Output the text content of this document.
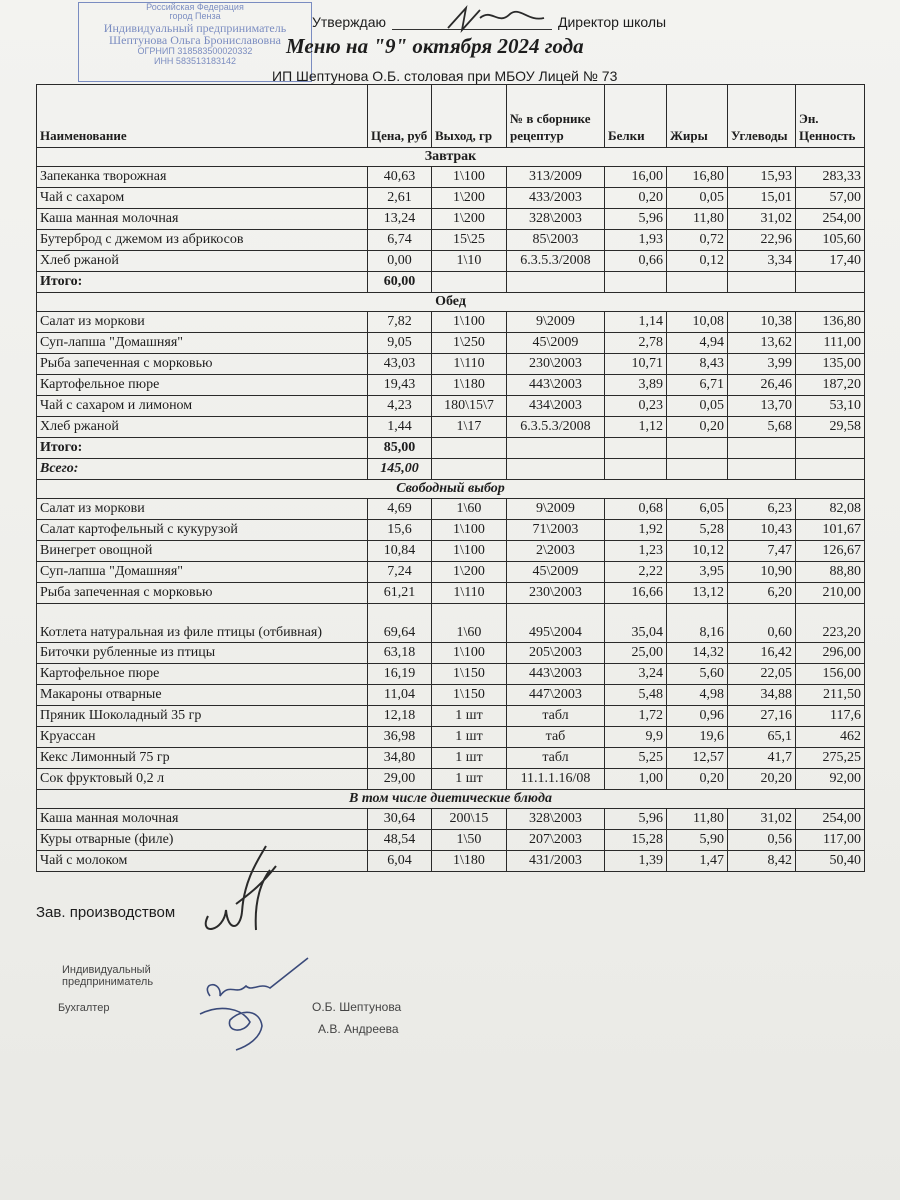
Российская Федерация
город Пенза
Индивидуальный предприниматель
Шептунова Ольга Брониславовна
ОГРНИП 318583500020332
ИНН 583513183142
Утверждаю	Директор школы
Меню на "9" октября 2024 года
ИП Шептунова О.Б. столовая при МБОУ Лицей № 73
Наименование	Цена, руб	Выход, гр	№ в сборнике рецептур	Белки	Жиры	Углеводы	Эн. Ценность
Завтрак							
Запеканка творожная	40,63	1\100	313/2009	16,00	16,80	15,93	283,33
Чай с сахаром	2,61	1\200	433/2003	0,20	0,05	15,01	57,00
Каша манная молочная	13,24	1\200	328\2003	5,96	11,80	31,02	254,00
Бутерброд с джемом из абрикосов	6,74	15\25	85\2003	1,93	0,72	22,96	105,60
Хлеб ржаной	0,00	1\10	6.3.5.3/2008	0,66	0,12	3,34	17,40
Итого:	60,00						
Обед							
Салат из моркови	7,82	1\100	9\2009	1,14	10,08	10,38	136,80
Суп-лапша "Домашняя"	9,05	1\250	45\2009	2,78	4,94	13,62	111,00
Рыба запеченная с морковью	43,03	1\110	230\2003	10,71	8,43	3,99	135,00
Картофельное пюре	19,43	1\180	443\2003	3,89	6,71	26,46	187,20
Чай с сахаром и лимоном	4,23	180\15\7	434\2003	0,23	0,05	13,70	53,10
Хлеб ржаной	1,44	1\17	6.3.5.3/2008	1,12	0,20	5,68	29,58
Итого:	85,00						
Всего:	145,00						
Свободный выбор							
Салат из моркови	4,69	1\60	9\2009	0,68	6,05	6,23	82,08
Салат картофельный с кукурузой	15,6	1\100	71\2003	1,92	5,28	10,43	101,67
Винегрет овощной	10,84	1\100	2\2003	1,23	10,12	7,47	126,67
Суп-лапша "Домашняя"	7,24	1\200	45\2009	2,22	3,95	10,90	88,80
Рыба запеченная с морковью	61,21	1\110	230\2003	16,66	13,12	6,20	210,00
Котлета натуральная из филе птицы (отбивная)	69,64	1\60	495\2004	35,04	8,16	0,60	223,20
Биточки рубленные из птицы	63,18	1\100	205\2003	25,00	14,32	16,42	296,00
Картофельное пюре	16,19	1\150	443\2003	3,24	5,60	22,05	156,00
Макароны отварные	11,04	1\150	447\2003	5,48	4,98	34,88	211,50
Пряник Шоколадный 35 гр	12,18	1 шт	табл	1,72	0,96	27,16	117,6
Круассан	36,98	1 шт	таб	9,9	19,6	65,1	462
Кекс Лимонный 75 гр	34,80	1 шт	табл	5,25	12,57	41,7	275,25
Сок фруктовый 0,2 л	29,00	1 шт	11.1.1.16/08	1,00	0,20	20,20	92,00
В том числе диетические блюда							
Каша манная молочная	30,64	200\15	328\2003	5,96	11,80	31,02	254,00
Куры отварные (филе)	48,54	1\50	207\2003	15,28	5,90	0,56	117,00
Чай с молоком	6,04	1\180	431/2003	1,39	1,47	8,42	50,40
Зав. производством
Индивидуальный
предприниматель
Бухгалтер	О.Б. Шептунова
А.В. Андреева
